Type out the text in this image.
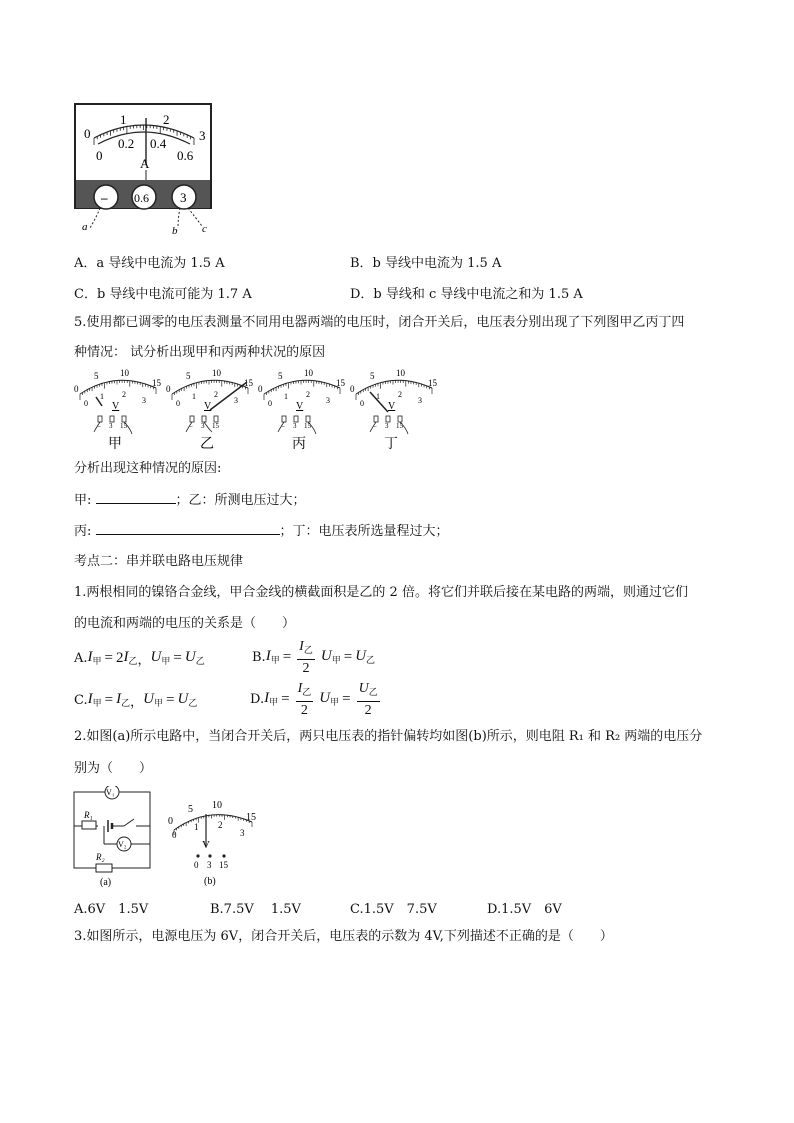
0
1	2
3
0
0.2 0.4
0.6
A
– 0.6 3
a	b c
A．a 导线中电流为 1.5 A	B．b 导线中电流为 1.5 A
C．b 导线中电流可能为 1.7 A	D．b 导线和 c 导线中电流之和为 1.5 A
5.使用都已调零的电压表测量不同用电器两端的电压时，闭合开关后，电压表分别出现了下列图甲乙丙丁四
种情况： 试分析出现甲和丙两种状况的原因
0
5 10
15
0
1 2
3
V
– 3 15
甲
0
5 10
15
0
1 2
3
V
– 3 15
乙
0
5 10
15
0
1 2
3
V
– 3 15
丙
0
5 10
15
0
1 2
3
V
– 3 15
丁
分析出现这种情况的原因:
甲:	；乙：所测电压过大；
丙:	；丁：电压表所选量程过大；
考点二：串并联电路电压规律
1.两根相同的镍铬合金线，甲合金线的横截面积是乙的 2 倍。将它们并联后接在某电路的两端，则通过它们
的电流和两端的电压的关系是（　　）
A. $I_甲 = 2$ $I_乙$ ， $U_甲 = U_乙$	B. $I_甲 = \frac{I_乙}{2} U_甲 = U_乙$
C. $I_甲 = I_乙$ ， $U_甲 = U_乙$	D. $I_甲 = \frac{I_乙}{2} U_甲 = \frac{U_乙}{2}$
2.如图(a)所示电路中，当闭合开关后，两只电压表的指针偏转均如图(b)所示，则电阻 R₁ 和 R₂ 两端的电压分
别为（　　）
V₁
R₁
V₂
R₂
(a)
0
5 10
15
0
1 2
3
V
0 3 15
(b)
A.6V　1.5V	B.7.5V　 1.5V	C.1.5V　7.5V	D.1.5V　6V
3.如图所示，电源电压为 6V，闭合开关后，电压表的示数为 4V,下列描述不正确的是（　　）
